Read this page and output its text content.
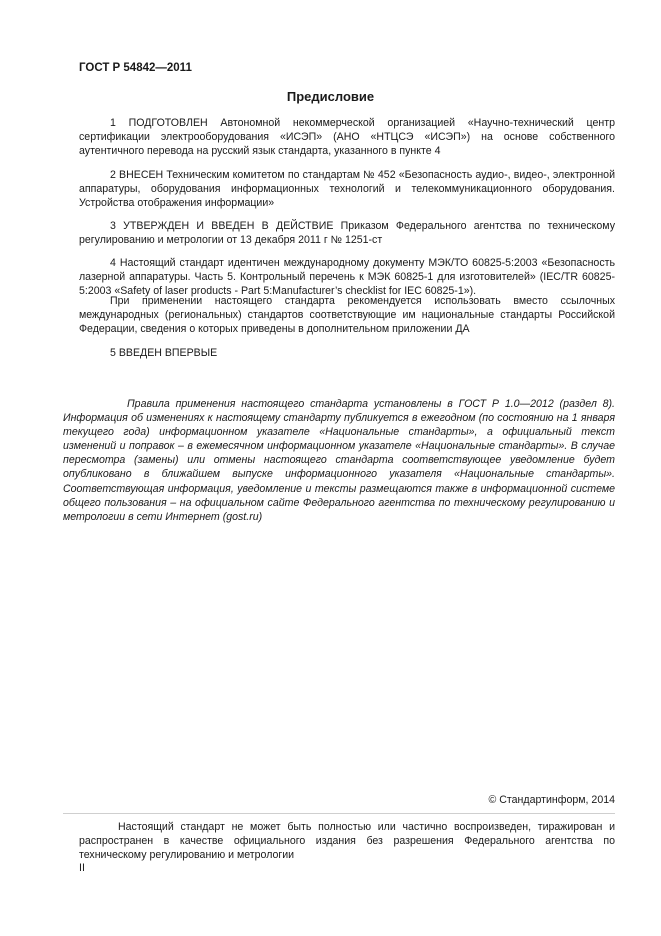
ГОСТ Р 54842—2011
Предисловие

1 ПОДГОТОВЛЕН Автономной некоммерческой организацией «Научно-технический центр сертификации электрооборудования «ИСЭП» (АНО «НТЦСЭ «ИСЭП») на основе собственного аутентичного перевода на русский язык стандарта, указанного в пункте 4

2 ВНЕСЕН Техническим комитетом по стандартам № 452 «Безопасность аудио-, видео-, электронной аппаратуры, оборудования информационных технологий и телекоммуникационного оборудования. Устройства отображения информации»

3 УТВЕРЖДЕН И ВВЕДЕН В ДЕЙСТВИЕ Приказом Федерального агентства по техническому регулированию и метрологии от 13 декабря 2011 г № 1251-ст

4 Настоящий стандарт идентичен международному документу МЭК/ТО 60825-5:2003 «Безопасность лазерной аппаратуры. Часть 5. Контрольный перечень к МЭК 60825-1 для изготовителей» (IEC/TR 60825-5:2003 «Safety of laser products - Part 5:Manufacturer’s checklist for IEC 60825-1»).

При применении настоящего стандарта рекомендуется использовать вместо ссылочных международных (региональных) стандартов соответствующие им национальные стандарты Российской Федерации, сведения о которых приведены в дополнительном приложении ДА

5 ВВЕДЕН ВПЕРВЫЕ

Правила применения настоящего стандарта установлены в ГОСТ Р 1.0—2012 (раздел 8). Информация об изменениях к настоящему стандарту публикуется в ежегодном (по состоянию на 1 января текущего года) информационном указателе «Национальные стандарты», а официальный текст изменений и поправок – в ежемесячном информационном указателе «Национальные стандарты». В случае пересмотра (замены) или отмены настоящего стандарта соответствующее уведомление будет опубликовано в ближайшем выпуске информационного указателя «Национальные стандарты». Соответствующая информация, уведомление и тексты размещаются также в информационной системе общего пользования – на официальном сайте Федерального агентства по техническому регулированию и метрологии в сети Интернет (gost.ru)

© Стандартинформ, 2014

Настоящий стандарт не может быть полностью или частично воспроизведен, тиражирован и распространен в качестве официального издания без разрешения Федерального агентства по техническому регулированию и метрологии

II
